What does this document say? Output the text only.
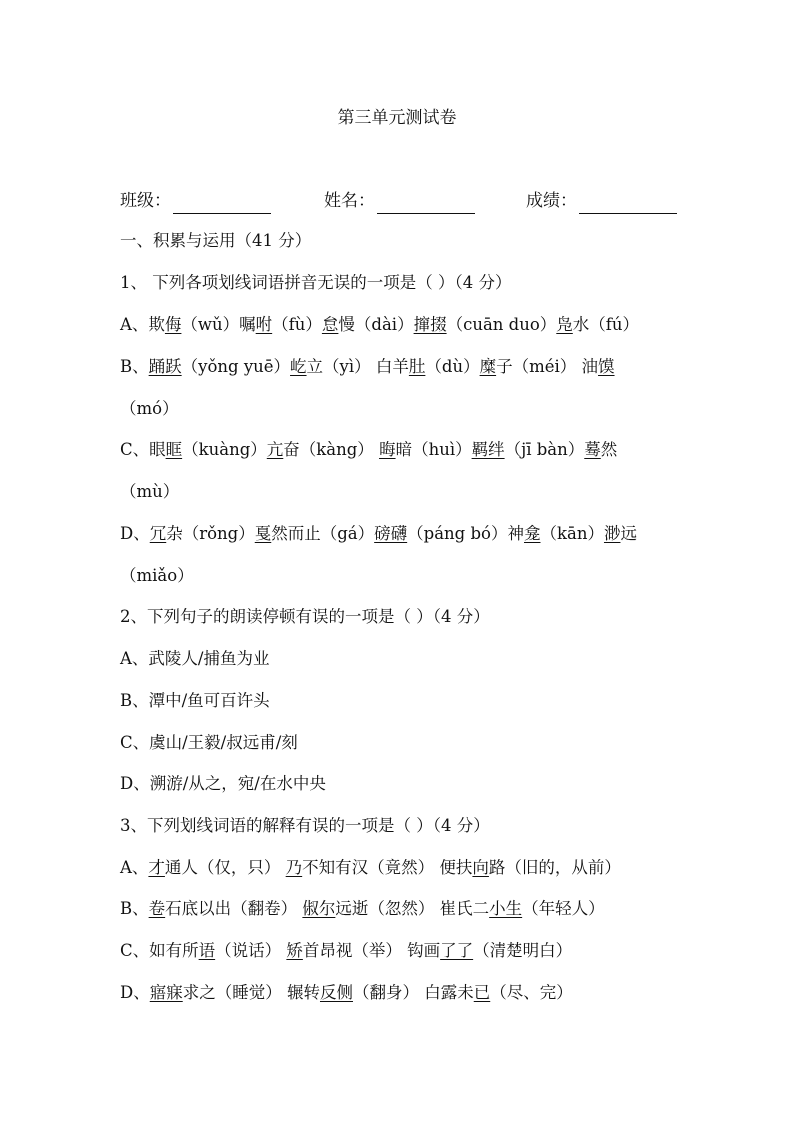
第三单元测试卷
班级：	姓名：	成绩：
一、积累与运用（41 分）
1、 下列各项划线词语拼音无误的一项是（ ）（4 分）
A、欺侮（wǔ）嘱咐（fù）怠慢（dài）撺掇（cuān duo）凫水（fú）
B、踊跃（yǒng yuē）屹立（yì） 白羊肚（dù）糜子（méi） 油馍
（mó）
C、眼眶（kuàng）亢奋（kàng） 晦暗（huì）羁绊（jī bàn）蓦然
（mù）
D、冗杂（rǒng）戛然而止（gá）磅礴（páng bó）神龛（kān）渺远
（miǎo）
2、下列句子的朗读停顿有误的一项是（ ）（4 分）
A、武陵人/捕鱼为业
B、潭中/鱼可百许头
C、虞山/王毅/叔远甫/刻
D、溯游/从之，宛/在水中央
3、下列划线词语的解释有误的一项是（ ）（4 分）
A、才通人（仅，只） 乃不知有汉（竟然） 便扶向路（旧的，从前）
B、卷石底以出（翻卷） 俶尔远逝（忽然） 崔氏二小生（年轻人）
C、如有所语（说话） 矫首昂视（举） 钩画了了（清楚明白）
D、寤寐求之（睡觉） 辗转反侧（翻身） 白露未已（尽、完）
